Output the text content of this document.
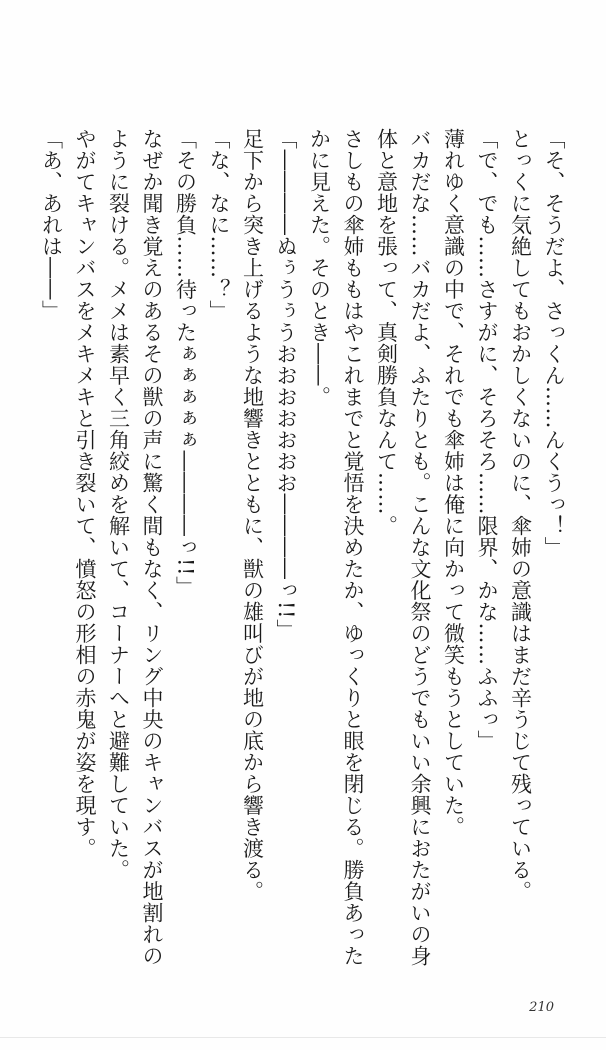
「そ、そうだよ、さっくん……んくうっ！」
とっくに気絶してもおかしくないのに、傘姉の意識はまだ辛うじて残っている。
「で、でも……さすがに、そろそろ……限界、かな……ふふっ」
薄れゆく意識の中で、それでも傘姉は俺に向かって微笑もうとしていた。
バカだな……バカだよ、ふたりとも。こんな文化祭のどうでもいい余興におたがいの身
体と意地を張って、真剣勝負なんて……。
さしもの傘姉ももはやこれまでと覚悟を決めたか、ゆっくりと眼を閉じる。勝負あった
かに見えた。そのとき――。
「――――ぬぅうぅうおおおおおおお――――っ!!」
足下から突き上げるような地響きとともに、獣の雄叫びが地の底から響き渡る。
「な、なに……？」
「その勝負……待ったぁぁぁぁぁ――――っ!!」
なぜか聞き覚えのあるその獣の声に驚く間もなく、リング中央のキャンバスが地割れの
ように裂ける。メメは素早く三角絞めを解いて、コーナーへと避難していた。
やがてキャンバスをメキメキと引き裂いて、憤怒の形相の赤鬼が姿を現す。
「あ、あれは――」
210
